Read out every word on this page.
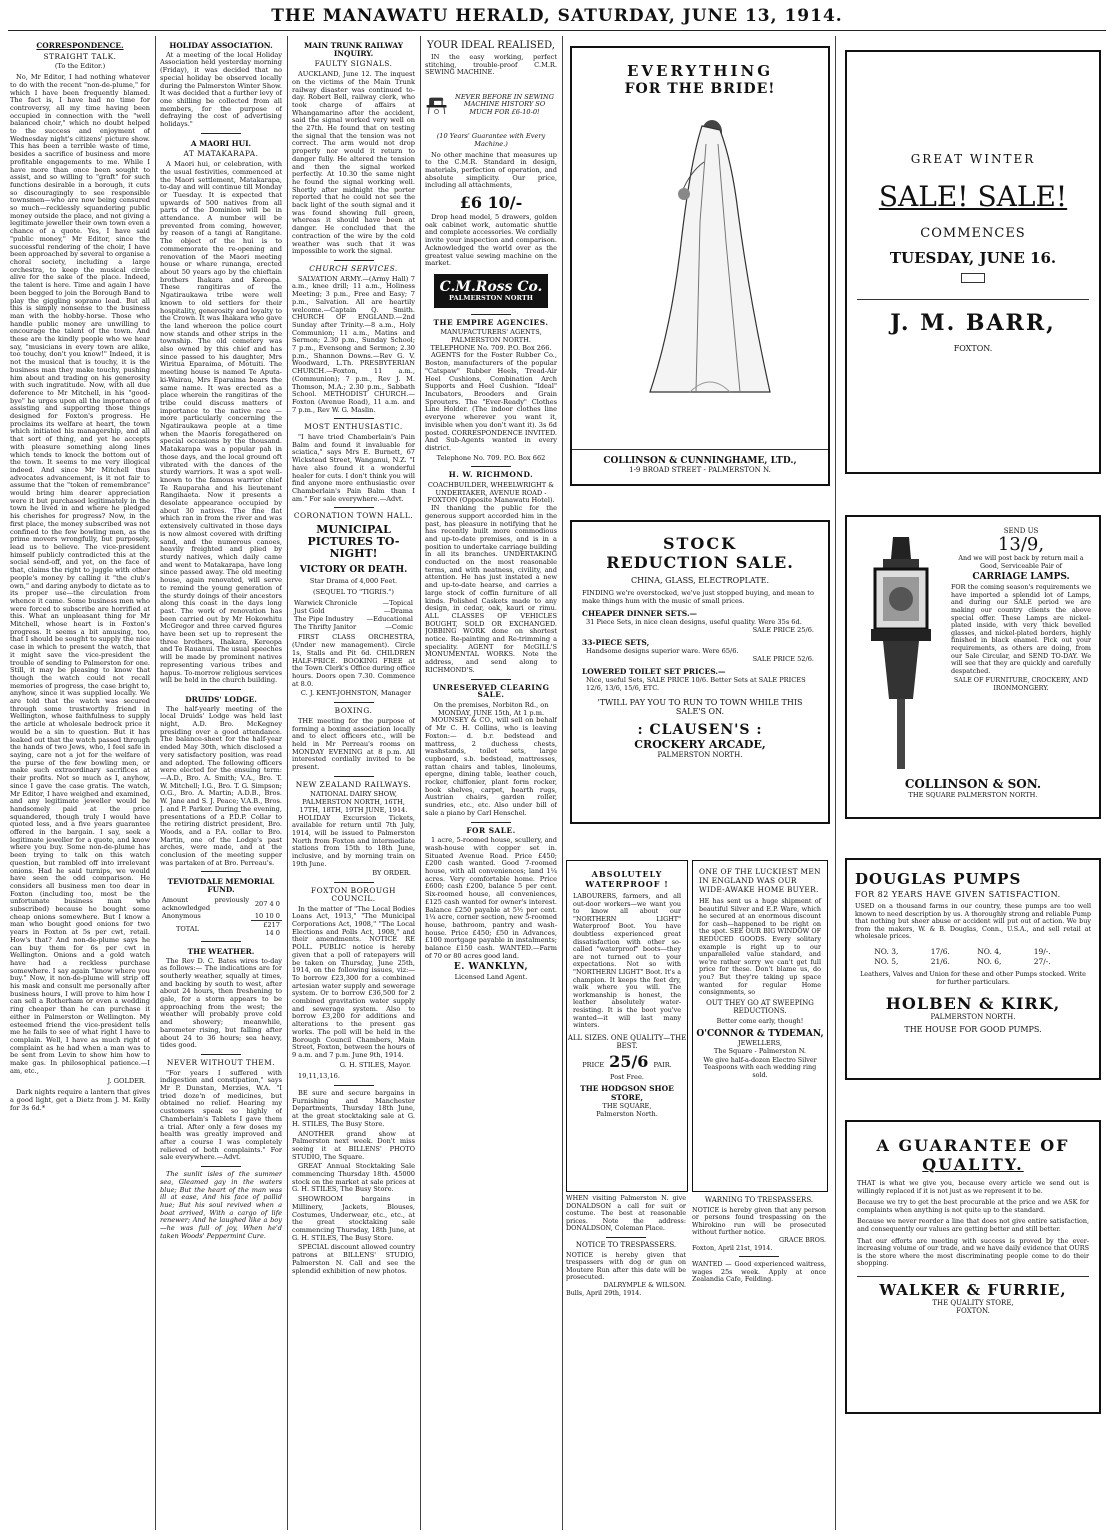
THE MANAWATU HERALD, SATURDAY, JUNE 13, 1914.
CORRESPONDENCE.
STRAIGHT TALK.
(To the Editor.)
No, Mr Editor, I had nothing whatever to do with the recent "non-de-plume," for which I have been frequently blamed. The fact is, I have had no time for controversy, all my time having been occupied in connection with the "well balanced choir," which no doubt helped to the success and enjoyment of Wednesday night's citizens' picture show. This has been a terrible waste of time, besides a sacrifice of business and more profitable engagements to me. While I have more than once been sought to assist, and so willing to "graft" for such functions desirable in a borough, it cuts so discouragingly to see responsible townsmen—who are now being censured so much—recklessly squandering public money outside the place, and not giving a legitimate jeweller their own town even a chance of a quote. Yes, I have said "public money," Mr Editor, since the successful rendering of the choir, I have been approached by several to organise a choral society, including a large orchestra, to keep the musical circle alive for the sake of the place. Indeed, the talent is here. Time and again I have been begged to join the Borough Band to play the giggling soprano lead. But all this is simply nonsense to the business man with the hobby-horse. Those who handle public money are unwilling to encourage the talent of the town. And these are the kindly people who we hear say, "musicians in every town are alike, too touchy, don't you know!" Indeed, it is not the musical that is touchy, it is the business man they make touchy, pushing him about and trading on his generosity with such ingratitude. Now, with all due deference to Mr Mitchell, in his "good-bye" he urges upon all the importance of assisting and supporting those things designed for Foxton's progress. He proclaims its welfare at heart, the town which initiated his managership, and all that sort of thing, and yet he accepts with pleasure something along lines which tends to knock the bottom out of the town. It seems to me very illogical indeed. And since Mr Mitchell thus advocates advancement, is it not fair to assume that the "token of remembrance" would bring him dearer appreciation were it but purchased legitimately in the town he lived in and where he pledged his cherishes for progress? Now, in the first place, the money subscribed was not confined to the few bowling men, as the prime movers wrongfully, but purposely, lead us to believe. The vice-president himself publicly contradicted this at the social send-off, and yet, on the face of that, claims the right to juggle with other people's money by calling it "the club's own," and daring anybody to dictate as to its proper use—the circulation from whence it came. Some business men who were forced to subscribe are horrified at this. What an unpleasant thing for Mr Mitchell, whose heart is in Foxton's progress. It seems a bit amusing, too, that I should be sought to supply the nice case in which to present the watch, that it might save the vice-president the trouble of sending to Palmerston for one. Still, it may be pleasing to know that though the watch could not recall memories of progress, the case bright to, anyhow, since it was supplied locally. We are told that the watch was secured through some trustworthy friend in Wellington, whose faithfulness to supply the article at wholesale bedrock price it would be a sin to question. But it has leaked out that the watch passed through the hands of two Jews, who, I feel safe in saying, care not a jot for the welfare of the purse of the few bowling men, or make such extraordinary sacrifices at their profits. Not so much as I, anyhow, since I gave the case gratis. The watch, Mr Editor, I have weighed and examined, and any legitimate jeweller would be handsomely paid at the price squandered, though truly I would have quoted less, and a five years guarantee offered in the bargain. I say, seek a legitimate jeweller for a quote, and know where you buy. Some non-de-plume has been trying to talk on this watch question, but rambled off into irrelevant onions. Had he said turnips, we would have seen the odd comparison. He considers all business men too dear in Foxton (including too, most be the unfortunate business man who subscribed) because he bought some cheap onions somewhere. But I know a man who bought good onions for two years in Foxton at 5s per cwt, retail. How's that? And non-de-plume says he can buy them for 6s per cwt in Wellington. Onions and a gold watch have had a reckless purchase somewhere. I say again "know where you buy." Now, it non-de-plume will strip off his mask and consult me personally after business hours, I will prove to him how I can sell a Rotherham or even a wedding ring cheaper than he can purchase it either in Palmerston or Wellington. My esteemed friend the vice-president tells me he fails to see of what right I have to complain. Well, I have as much right of complaint as he had when a man was to be sent from Levin to show him how to make gas. In philosophical patience.—I am, etc.,
J. GOLDER.
Dark nights require a lantern that gives a good light, get a Dietz from J. M. Kelly for 3s 6d.*
HOLIDAY ASSOCIATION.
At a meeting of the local Holiday Association held yesterday morning (Friday), it was decided that no special holiday be observed locally during the Palmerston Winter Show. It was decided that a further levy of one shilling be collected from all members, for the purpose of defraying the cost of advertising holidays."
A MAORI HUI.
AT MATAKARAPA.
A Maori hui, or celebration, with the usual festivities, commenced at the Maori settlement, Matakarapa, to-day and will continue till Monday or Tuesday. It is expected that upwards of 500 natives from all parts of the Dominion will be in attendance. A number will be prevented from coming, however, by reason of a tangi at Rangitane. The object of the hui is to commemorate the re-opening and renovation of the Maori meeting house or whare runanga, erected about 50 years ago by the chieftain brothers Ihakara and Kereopa. These rangitiras of the Ngatiraukawa tribe were well known to old settlers for their hospitality, generosity and loyalty to the Crown. It was Ihakara who gave the land whereon the police court now stands and other strips in the township. The old cemetery was also owned by this chief and has since passed to his daughter, Mrs Wiritua Eparaima, of Motuiti. The meeting house is named Te Aputa-ki-Wairau, Mrs Eparaima bears the same name. It was erected as a place wherein the rangitiras of the tribe could discuss matters of importance to the native race — more particularly concerning the Ngatiraukawa people at a time when the Maoris foregathered on special occasions by the thousand. Matakarapa was a popular pah in those days, and the local ground oft vibrated with the dances of the sturdy warriors. It was a spot well-known to the famous warrior chief Te Rauparaha and his lieutenant Rangihaeta. Now it presents a desolate appearance occupied by about 30 natives. The fine flat which ran in from the river and was extensively cultivated in those days is now almost covered with drifting sand, and the numerous canoes, heavily freighted and plied by sturdy natives, which daily came and went to Matakarapa, have long since passed away. The old meeting house, again renovated, will serve to remind the young generation of the sturdy doings of their ancestors along this coast in the days long past. The work of renovation has been carried out by Mr Hokowhitu McGregor and three carved figures have been set up to represent the three brothers, Ihakara, Kereopa and Te Rauanui. The usual speeches will be made by prominent natives representing various tribes and hapus. To-morrow religious services will be held in the church building.
DRUIDS' LODGE.
The half-yearly meeting of the local Druids' Lodge was held last night, A.D. Bro. McKegney presiding over a good attendance. The balance-sheet for the half-year ended May 30th, which disclosed a very satisfactory position, was read and adopted. The following officers were elected for the ensuing term:—A.D., Bro. A. Smith; V.A., Bro. T. W. Mitchell; I.G., Bro. T. G. Simpson; O.G., Bro. A. Martin; A.D.B., Bros. W. Jane and S. J. Peace; V.A.B., Bros. J. and P. Parker. During the evening, presentations of a P.D.P. Collar to the retiring district president, Bro. Woods, and a P.A. collar to Bro. Martin, one of the Lodge's past arches, were made, and at the conclusion of the meeting supper was partaken of at Bro. Perreau's.
TEVIOTDALE MEMORIAL FUND.
Amount previously acknowledged	207 4 0
Anonymous	10 10 0
TOTAL	£217 14 0
THE WEATHER.
The Rev D. C. Bates wires to-day as follows:— The indications are for southerly weather, squally at times, and backing by south to west, after about 24 hours, then freshening to gale, for a storm appears to be approaching from the west; the weather will probably prove cold and showery; meanwhile, barometer rising, but falling after about 24 to 36 hours; sea heavy, tides good.
NEVER WITHOUT THEM.
"For years I suffered with indigestion and constipation," says Mr P. Dunstan, Merzies, W.A. "I tried doze'n of medicines, but obtained no relief. Hearing my customers speak so highly of Chamberlain's Tablets I gave them a trial. After only a few doses my health was greatly improved and after a course I was completely relieved of both complaints." For sale everywhere.—Advt.
The sunlit isles of the summer sea, Gleamed gay in the waters blue; But the heart of the man was ill at ease, And his face of pallid hue; But his soul revived when a boat arrived, With a cargo of life renewer; And he laughed like a boy—he was full of joy, When he'd taken Woods' Peppermint Cure.
MAIN TRUNK RAILWAY INQUIRY.
FAULTY SIGNALS.
AUCKLAND, June 12. The inquest on the victims of the Main Trunk railway disaster was continued to-day. Robert Bell, railway clerk, who took charge of affairs at Whangamarino after the accident, said the signal worked very well on the 27th. He found that on testing the signal that the tension was not correct. The arm would not drop properly nor would it return to danger fully. He altered the tension and then the signal worked perfectly. At 10.30 the same night he found the signal working well. Shortly after midnight the porter reported that he could not see the back light of the south signal and it was found showing full green, whereas it should have been at danger. He concluded that the contraction of the wire by the cold weather was such that it was impossible to work the signal.
CHURCH SERVICES.
SALVATION ARMY.—(Army Hall) 7 a.m., knee drill; 11 a.m., Holiness Meeting; 3 p.m., Free and Easy; 7 p.m., Salvation. All are heartily welcome.—Captain Q. Smith. CHURCH OF ENGLAND.—2nd Sunday after Trinity.—8 a.m., Holy Communion; 11 a.m., Matins and Sermon; 2.30 p.m., Sunday School; 7 p.m., Evensong and Sermon; 2.30 p.m., Shannon Downs.—Rev G. V. Woodward, L.Th. PRESBYTERIAN CHURCH.—Foxton, 11 a.m., (Communion); 7 p.m., Rev J. M. Thomson, M.A.; 2.30 p.m., Sabbath School. METHODIST CHURCH.—Foxton (Avenue Road), 11 a.m. and 7 p.m., Rev W. G. Maslin.
MOST ENTHUSIASTIC.
"I have tried Chamberlain's Pain Balm and found it invaluable for sciatica," says Mrs E. Burnett, 67 Wickstead Street, Wanganui, N.Z. "I have also found it a wonderful healer for cuts. I don't think you will find anyone more enthusiastic over Chamberlain's Pain Balm than I am." For sale everywhere.—Advt.
CORONATION TOWN HALL.
MUNICIPAL PICTURES TO-NIGHT!
VICTORY OR DEATH.
Star Drama of 4,000 Feet.
(SEQUEL TO "TIGRIS.")
Warwick Chronicle	—Topical
Just Gold	—Drama
The Pipe Industry	—Educational
The Thrifty Janitor	—Comic
FIRST CLASS ORCHESTRA, (Under new management). Circle 1s, Stalls and Pit 6d. CHILDREN HALF-PRICE. BOOKING FREE at the Town Clerk's Office during office hours. Doors open 7.30. Commence at 8.0.
C. J. KENT-JOHNSTON, Manager
BOXING.
THE meeting for the purpose of forming a boxing association locally and to elect officers etc., will be held in Mr Perreau's rooms on MONDAY EVENING at 8 p.m. All interested cordially invited to be present.
NEW ZEALAND RAILWAYS.
NATIONAL DAIRY SHOW, PALMERSTON NORTH, 16TH, 17TH, 18TH, 19TH JUNE, 1914.
HOLIDAY Excursion Tickets, available for return until 7th July, 1914, will be issued to Palmerston North from Foxton and intermediate stations from 15th to 18th June, inclusive, and by morning train on 19th June.
BY ORDER.
FOXTON BOROUGH COUNCIL.
In the matter of "The Local Bodies Loans Act, 1913," "The Municipal Corporations Act, 1908," "The Local Elections and Polls Act, 1908," and their amendments. NOTICE RE POLL. PUBLIC notice is hereby given that a poll of ratepayers will be taken on Thursday, June 25th, 1914, on the following issues, viz:— To borrow £23,300 for a combined artesian water supply and sewerage system. Or to borrow £36,500 for 2 combined gravitation water supply and sewerage system. Also to borrow £3,200 for additions and alterations to the present gas works. The poll will be held in the Borough Council Chambers, Main Street, Foxton, between the hours of 9 a.m. and 7 p.m. June 9th, 1914.
G. H. STILES, Mayor.
19,11,13,16.
BE sure and secure bargains in Furnishing and Manchester Departments, Thursday 18th June, at the great stocktaking sale at G. H. STILES, The Busy Store.
ANOTHER grand show at Palmerston next week. Don't miss seeing it at BILLENS' PHOTO STUDIO, The Square.
GREAT Annual Stocktaking Sale commencing Thursday 18th. 45000 stock on the market at sale prices at G. H. STILES, The Busy Store.
SHOWROOM bargains in Millinery, Jackets, Blouses, Costumes, Underwear, etc., etc., at the great stocktaking sale commencing Thursday, 18th June, at G. H. STILES, The Busy Store.
SPECIAL discount allowed country patrons at BILLENS' STUDIO, Palmerston N. Call and see the splendid exhibition of new photos.
YOUR IDEAL REALISED,
IN the easy working, perfect stitching, trouble-proof C.M.R. SEWING MACHINE.
NEVER BEFORE IN SEWING MACHINE HISTORY SO MUCH FOR £6-10-0!
(10 Years' Guarantee with Every Machine.)
No other machine that measures up to the C.M.R. Standard in design, materials, perfection of operation, and absolute simplicity. Our price, including all attachments,
£6 10/-
Drop head model, 5 drawers, golden oak cabinet work, automatic shuttle and complete accessories. We cordially invite your inspection and comparison. Acknowledged the world over as the greatest value sewing machine on the market.
C.M.Ross Co.
PALMERSTON NORTH
THE EMPIRE AGENCIES.
MANUFACTURERS' AGENTS, PALMERSTON NORTH.
TELEPHONE No. 709. P.O. Box 266.
AGENTS for the Foster Rubber Co., Boston, manufacturers of the popular "Catspaw" Rubber Heels, Tread-Air Heel Cushions, Combination Arch Supports and Heel Cushion. "Ideal" Incubators, Brooders and Grain Sprouters. The "Ever-Ready" Clothes Line Holder. (The indoor clothes line everyone wherever you want it, invisible when you don't want it). 3s 6d posted. CORRESPONDENCE INVITED. And Sub-Agents wanted in every district.
Telephone No. 709. P.O. Box 662
H. W. RICHMOND.
COACHBUILDER, WHEELWRIGHT & UNDERTAKER, AVENUE ROAD - FOXTON (Opposite Manawatu Hotel).
IN thanking the public for the generous support accorded him in the past, has pleasure in notifying that he has recently built more commodious and up-to-date premises, and is in a position to undertake carriage building in all its branches. UNDERTAKING conducted on the most reasonable terms, and with neatness, civility, and attention. He has just instated a new and up-to-date hearse, and carries a large stock of coffin furniture of all kinds. Polished Caskets made to any design, in cedar, oak, kauri or rimu. ALL CLASSES OF VEHICLES BOUGHT, SOLD OR EXCHANGED. JOBBING WORK done on shortest notice. Re-painting and Re-trimming a speciality. AGENT for McGILL'S MONUMENTAL WORKS. Note the address, and send along to RICHMOND'S.
UNRESERVED CLEARING SALE.
On the premises, Norbiton Rd., on MONDAY, JUNE 15th, At 1 p.m.
MOUNSEY & CO., will sell on behalf of Mr C. H. Collins, who is leaving Foxton:— d. b.r. bedstead and mattress, 2 duchess chests, washstands, toilet sets, large cupboard, s.b. bedstead, mattresses, rattan chairs and tables, linoleums, epergne, dining table, leather couch, rocker, chiffonier, plant form rocker, book shelves, carpet, hearth rugs, Austrian chairs, garden roller, sundries, etc., etc. Also under bill of sale a piano by Carl Henschel.
FOR SALE.
1 acre, 5-roomed house, scullery, and wash-house with copper set in. Situated Avenue Road. Price £450; £200 cash wanted. Good 7-roomed house, with all conveniences; land 1¼ acres. Very comfortable home. Price £600; cash £200, balance 5 per cent. Six-roomed house, all conveniences, £125 cash wanted for owner's interest. Balance £250 payable at 5½ per cent. 1¼ acre, corner section, new 5-roomed house, bathroom, pantry and wash-house. Price £450; £50 in Advances, £100 mortgage payable in instalments; balance £150 cash. WANTED.—Farm of 70 or 80 acres good land.
E. WANKLYN,
Licensed Land Agent.
EVERYTHING
FOR THE BRIDE!
COLLINSON & CUNNINGHAME, LTD.,
1-9 BROAD STREET - PALMERSTON N.
STOCK
REDUCTION SALE.
CHINA, GLASS, ELECTROPLATE.
FINDING we're overstocked, we've just stopped buying, and mean to make things hum with the music of small prices.
CHEAPER DINNER SETS.—
31 Piece Sets, in nice clean designs, useful quality. Were 35s 6d.
SALE PRICE 25/6.
33-PIECE SETS,
Handsome designs superior ware. Were 65/6.
SALE PRICE 52/6.
LOWERED TOILET SET PRICES.—
Nice, useful Sets, SALE PRICE 10/6. Better Sets at SALE PRICES 12/6, 13/6, 15/6, ETC.
'TWILL PAY YOU TO RUN TO TOWN WHILE THIS SALE'S ON.
: CLAUSEN'S :
CROCKERY ARCADE,
PALMERSTON NORTH.
ABSOLUTELY
WATERPROOF !
LABOURERS, farmers, and all out-door workers—we want you to know all about our "NORTHERN LIGHT" Waterproof Boot. You have doubtless experienced great dissatisfaction with other so-called "waterproof" boots—they are not turned out to your expectations. Not so with "NORTHERN LIGHT" Boot. It's a champion. It keeps the feet dry, walk where you will. The workmanship is honest, the leather absolutely water-resisting. It is the boot you've wanted—it will last many winters.
ALL SIZES. ONE QUALITY—THE BEST.
PRICE 25/6 PAIR.
Post Free.
THE HODGSON SHOE STORE,
THE SQUARE,
Palmerston North.
ONE OF THE LUCKIEST MEN IN ENGLAND WAS OUR WIDE-AWAKE HOME BUYER.
HE has sent us a huge shipment of beautiful Silver and E.P. Ware, which he secured at an enormous discount for cash—happened to be right on the spot. SEE OUR BIG WINDOW OF REDUCED GOODS. Every solitary example is right up to our unparalleled value standard, and we're rather sorry we can't get full price for these. Don't blame us, do you? But they're taking up space wanted for regular Home consignments, so
OUT THEY GO AT SWEEPING REDUCTIONS.
Better come early, though!
O'CONNOR & TYDEMAN,
JEWELLERS,
The Square - Palmerston N.
We give half-a-dozen Electro Silver Teaspoons with each wedding ring sold.
WHEN visiting Palmerston N. give DONALDSON a call for suit or costume. The best at reasonable prices. Note the address: DONALDSON, Coleman Place.
NOTICE TO TRESPASSERS.
NOTICE is hereby given that trespassers with dog or gun on Moutere Run after this date will be prosecuted.
DALRYMPLE & WILSON.
Bulls, April 29th, 1914.
WARNING TO TRESPASSERS.
NOTICE is hereby given that any person or persons found trespassing on the Whirokino run will be prosecuted without further notice.
GRACE BROS.
Foxton, April 21st, 1914.
WANTED — Good experienced waitress, wages 25s week. Apply at once Zealandia Cafe, Feilding.
GREAT WINTER
SALE! SALE!
COMMENCES
TUESDAY, JUNE 16.
J. M. BARR,
FOXTON.
SEND US
13/9,
And we will post back by return mail a Good, Serviceable Pair of
CARRIAGE LAMPS.
FOR the coming season's requirements we have imported a splendid lot of Lamps, and during our SALE period we are making our country clients the above special offer. These Lamps are nickel-plated inside, with very thick bevelled glasses, and nickel-plated borders, highly finished in black enamel. Pick out your requirements, as others are doing, from our Sale Circular, and SEND TO-DAY. We will see that they are quickly and carefully despatched.
SALE OF FURNITURE, CROCKERY, AND IRONMONGERY.
COLLINSON & SON.
THE SQUARE PALMERSTON NORTH.
DOUGLAS PUMPS
FOR 82 YEARS HAVE GIVEN SATISFACTION.
USED on a thousand farms in our country, these pumps are too well known to need description by us. A thoroughly strong and reliable Pump that nothing but sheer abuse or accident will put out of action. We buy from the makers, W. & B. Douglas, Conn., U.S.A., and sell retail at wholesale prices.
NO. 3,	17/6.	NO. 4,	19/-.
NO. 5,	21/6.	NO. 6,	27/-.
Leathers, Valves and Union for these and other Pumps stocked. Write for further particulars.
HOLBEN & KIRK,
PALMERSTON NORTH.
THE HOUSE FOR GOOD PUMPS.
A GUARANTEE OF
QUALITY.
THAT is what we give you, because every article we send out is willingly replaced if it is not just as we represent it to be.
Because we try to get the best procurable at the price and we ASK for complaints when anything is not quite up to the standard.
Because we never reorder a line that does not give entire satisfaction, and consequently our values are getting better and still better.
That our efforts are meeting with success is proved by the ever-increasing volume of our trade, and we have daily evidence that OURS is the store where the most discriminating people come to do their shopping.
WALKER & FURRIE,
THE QUALITY STORE,
FOXTON.
